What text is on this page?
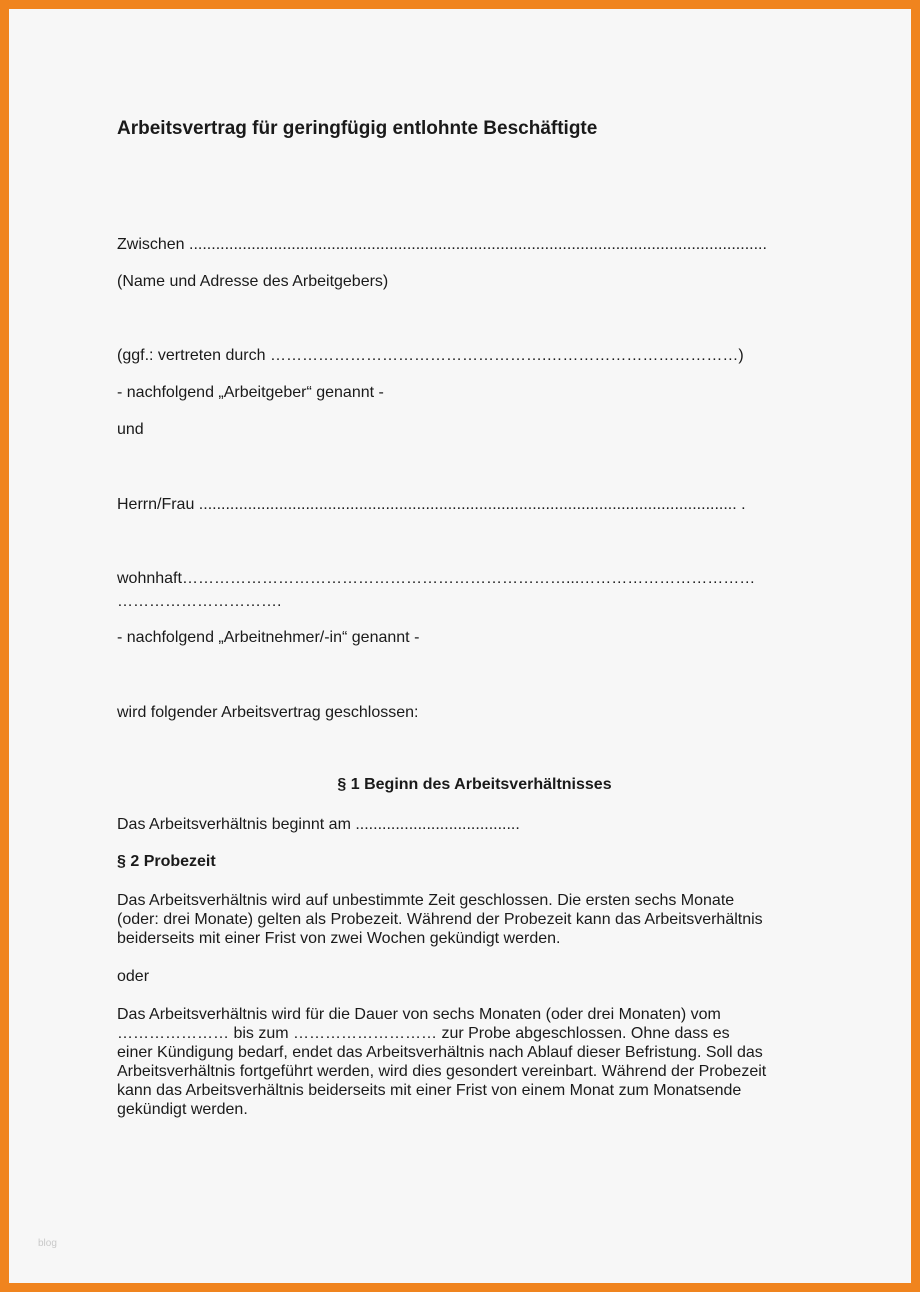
Arbeitsvertrag für geringfügig entlohnte Beschäftigte
Zwischen ..................................................................................................................................
(Name und Adresse des Arbeitgebers)
(ggf.: vertreten durch …………………………………………….………………………………)
- nachfolgend „Arbeitgeber“ genannt -
und
Herrn/Frau ......................................................................................................................... .
wohnhaft………………………………………………………………...……………………………
………………………….
- nachfolgend „Arbeitnehmer/-in“ genannt -
wird folgender Arbeitsvertrag geschlossen:
§ 1 Beginn des Arbeitsverhältnisses
Das Arbeitsverhältnis beginnt am .....................................
§ 2 Probezeit
Das Arbeitsverhältnis wird auf unbestimmte Zeit geschlossen. Die ersten sechs Monate
(oder: drei Monate) gelten als Probezeit. Während der Probezeit kann das Arbeitsverhältnis
beiderseits mit einer Frist von zwei Wochen gekündigt werden.
oder
Das Arbeitsverhältnis wird für die Dauer von sechs Monaten (oder drei Monaten) vom
………………… bis zum ……………………… zur Probe abgeschlossen. Ohne dass es
einer Kündigung bedarf, endet das Arbeitsverhältnis nach Ablauf dieser Befristung. Soll das
Arbeitsverhältnis fortgeführt werden, wird dies gesondert vereinbart. Während der Probezeit
kann das Arbeitsverhältnis beiderseits mit einer Frist von einem Monat zum Monatsende
gekündigt werden.
blog
